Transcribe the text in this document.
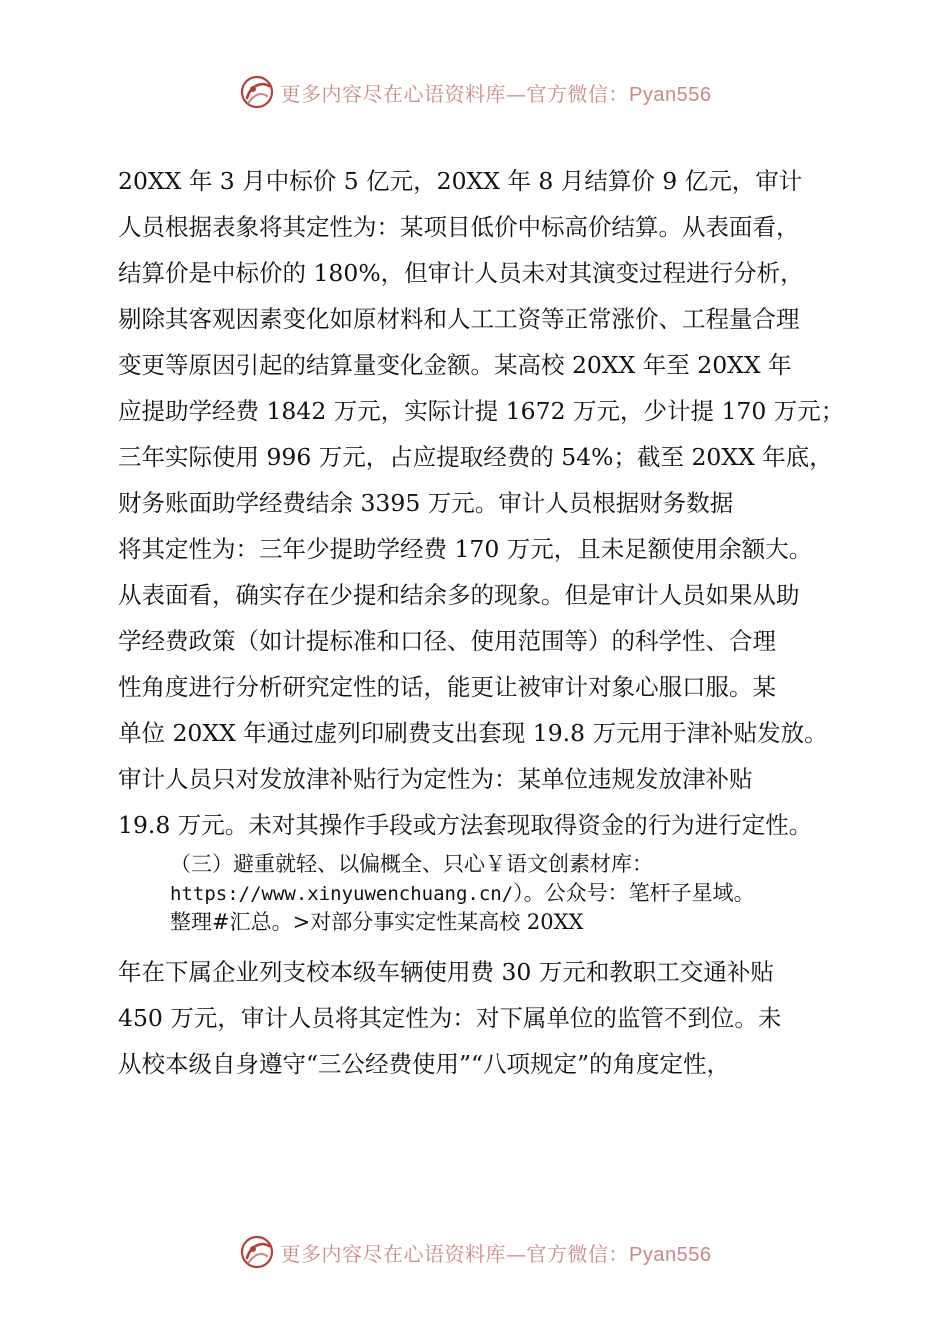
更多内容尽在心语资料库—官方微信：Pyan556
20XX 年 3 月中标价 5 亿元，20XX 年 8 月结算价 9 亿元，审计
人员根据表象将其定性为：某项目低价中标高价结算。从表面看，
结算价是中标价的 180%，但审计人员未对其演变过程进行分析，
剔除其客观因素变化如原材料和人工工资等正常涨价、工程量合理
变更等原因引起的结算量变化金额。某高校 20XX 年至 20XX 年
应提助学经费 1842 万元，实际计提 1672 万元，少计提 170 万元；
三年实际使用 996 万元，占应提取经费的 54%；截至 20XX 年底，
财务账面助学经费结余 3395 万元。审计人员根据财务数据
将其定性为：三年少提助学经费 170 万元，且未足额使用余额大。
从表面看，确实存在少提和结余多的现象。但是审计人员如果从助
学经费政策（如计提标准和口径、使用范围等）的科学性、合理
性角度进行分析研究定性的话，能更让被审计对象心服口服。某
单位 20XX 年通过虚列印刷费支出套现 19.8 万元用于津补贴发放。
审计人员只对发放津补贴行为定性为：某单位违规发放津补贴
19.8 万元。未对其操作手段或方法套现取得资金的行为进行定性。
（三）避重就轻、以偏概全、只心￥语文创素材库：
https://www.xinyuwenchuang.cn/）。公众号：笔杆子星域。
整理#汇总。>对部分事实定性某高校 20XX
年在下属企业列支校本级车辆使用费 30 万元和教职工交通补贴
450 万元，审计人员将其定性为：对下属单位的监管不到位。未
从校本级自身遵守“三公经费使用”“八项规定”的角度定性，
更多内容尽在心语资料库—官方微信：Pyan556
